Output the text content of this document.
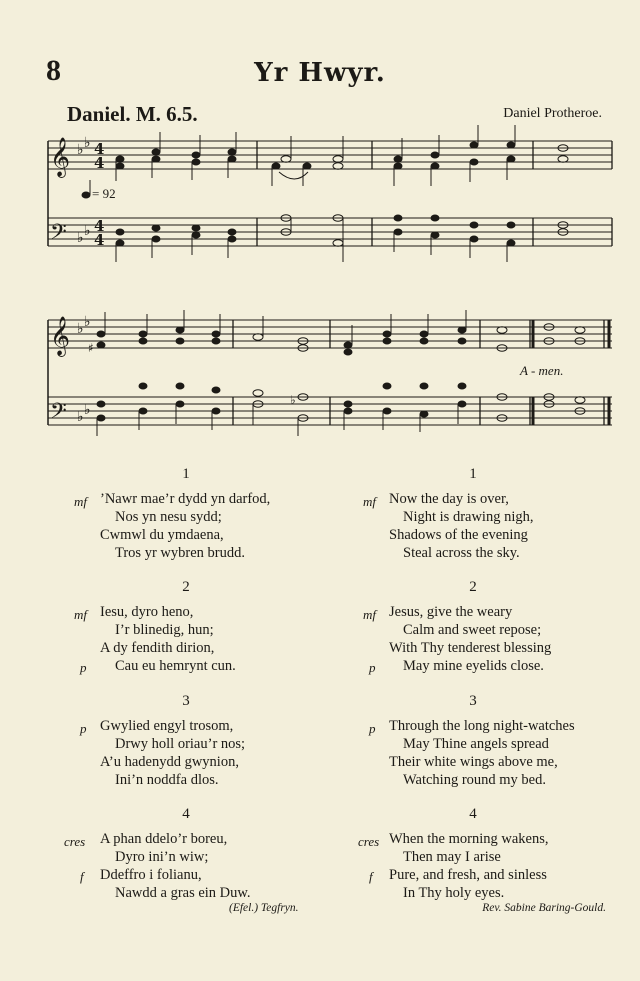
8	Yr Hwyr.
Daniel. M. 6.5.	Daniel Protheroe.
𝄞
𝄢
𝄞
𝄢
♭ ♭
♭ ♭
♭ ♭
♭ ♭
4
4
4
4
♯
♭
= 92
A - men.
1
mf ’Nawr mae’r dydd yn darfod,
Nos yn nesu sydd;
Cwmwl du ymdaena,
Tros yr wybren brudd.
2
mf Iesu, dyro heno,
I’r blinedig, hun;
A dy fendith dirion,
p Cau eu hemrynt cun.
3
p Gwylied engyl trosom,
Drwy holl oriau’r nos;
A’u hadenydd gwynion,
Ini’n noddfa dlos.
4
cres A phan ddelo’r boreu,
Dyro ini’n wiw;
f Ddeffro i folianu,
Nawdd a gras ein Duw.
1
mf Now the day is over,
Night is drawing nigh,
Shadows of the evening
Steal across the sky.
2
mf Jesus, give the weary
Calm and sweet repose;
With Thy tenderest blessing
p May mine eyelids close.
3
p Through the long night-watches
May Thine angels spread
Their white wings above me,
Watching round my bed.
4
cres When the morning wakens,
Then may I arise
f Pure, and fresh, and sinless
In Thy holy eyes.
(Efel.) Tegfryn.	Rev. Sabine Baring-Gould.
